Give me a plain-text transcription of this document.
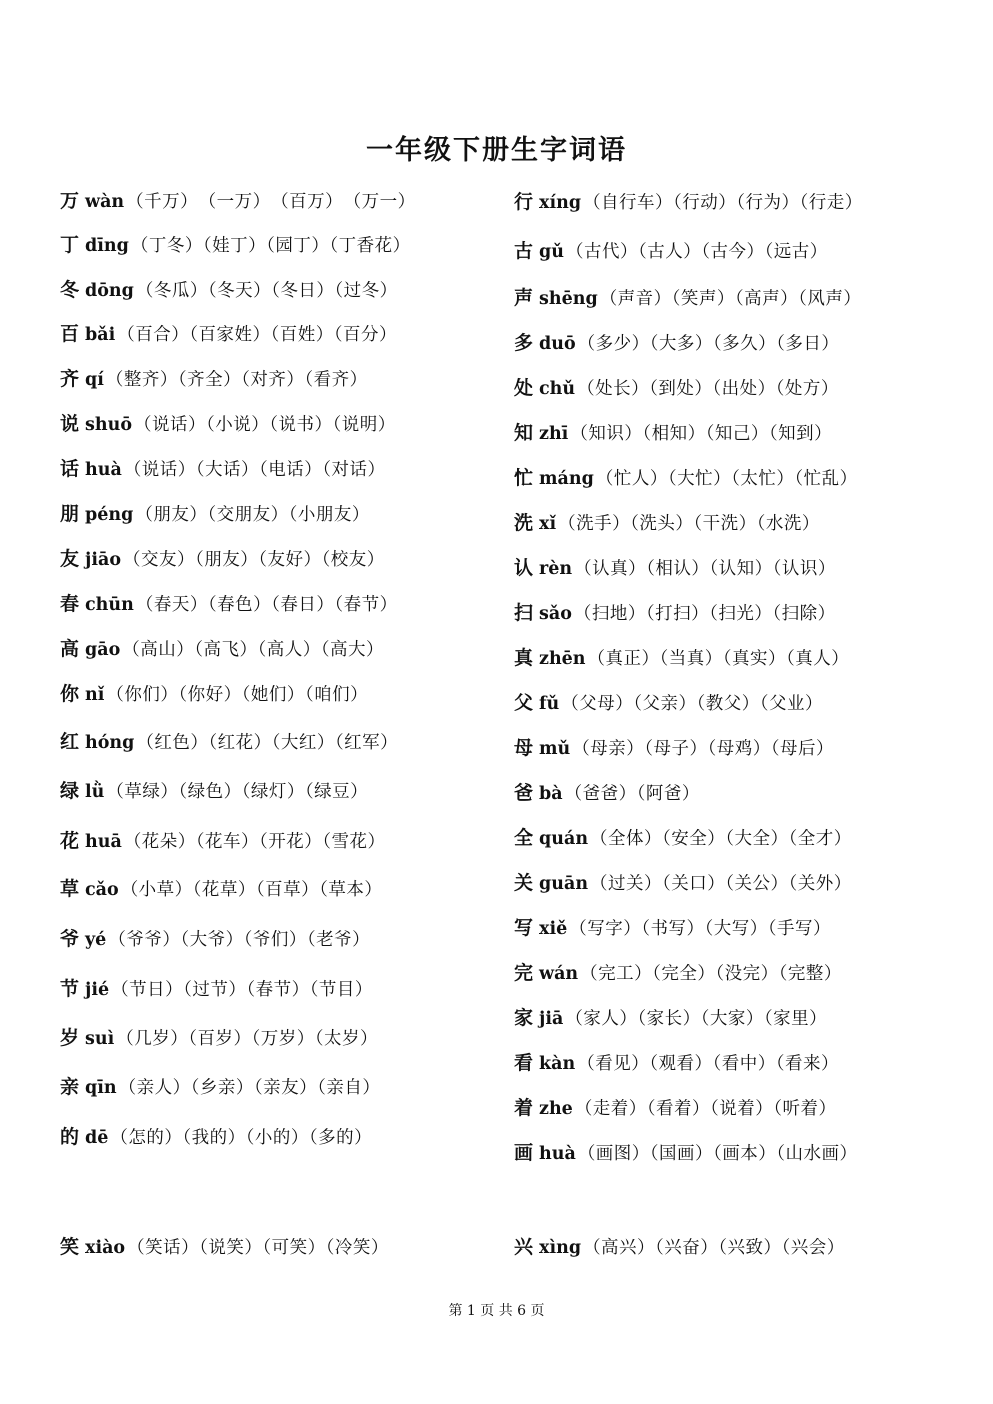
一年级下册生字词语
万 wàn （千万）　（一万）　（百万）　（万一）
丁 dīng （丁冬）（娃丁）（园丁）（丁香花）
冬 dōng （冬瓜）（冬天）（冬日）（过冬）
百 bǎi （百合）（百家姓）（百姓）（百分）
齐 qí （整齐）（齐全）（对齐）（看齐）
说 shuō （说话）（小说）（说书）（说明）
话 huà （说话）（大话）（电话）（对话）
朋 péng （朋友）（交朋友）（小朋友）
友 jiāo （交友）（朋友）（友好）（校友）
春 chūn （春天）（春色）（春日）（春节）
高 gāo （高山）（高飞）（高人）（高大）
你 nǐ （你们）（你好）（她们）（咱们）
红 hóng （红色）（红花）（大红）（红军）
绿 lǜ （草绿）（绿色）（绿灯）（绿豆）
花 huā （花朵）（花车）（开花）（雪花）
草 cǎo （小草）（花草）（百草）（草本）
爷 yé （爷爷）（大爷）（爷们）（老爷）
节 jié （节日）（过节）（春节）（节目）
岁 suì （几岁）（百岁）（万岁）（太岁）
亲 qīn （亲人）（乡亲）（亲友）（亲自）
的 dē （怎的）（我的）（小的）（多的）
笑 xiào （笑话）（说笑）（可笑）（冷笑）
行 xíng （自行车）（行动）（行为）（行走）
古 gǔ （古代）（古人）（古今）（远古）
声 shēng （声音）（笑声）（高声）（风声）
多 duō （多少）（大多）（多久）（多日）
处 chǔ （处长）（到处）（出处）（处方）
知 zhī （知识）（相知）（知己）（知到）
忙 máng （忙人）（大忙）（太忙）（忙乱）
洗 xǐ （洗手）（洗头）（干洗）（水洗）
认 rèn （认真）（相认）（认知）（认识）
扫 sǎo （扫地）（打扫）（扫光）（扫除）
真 zhēn （真正）（当真）（真实）（真人）
父 fǔ （父母）（父亲）（教父）（父业）
母 mǔ （母亲）（母子）（母鸡）（母后）
爸 bà （爸爸）（阿爸）
全 quán （全体）（安全）（大全）（全才）
关 guān （过关）（关口）（关公）（关外）
写 xiě （写字）（书写）（大写）（手写）
完 wán （完工）（完全）（没完）（完整）
家 jiā （家人）（家长）（大家）（家里）
看 kàn （看见）（观看）（看中）（看来）
着 zhe （走着）（看着）（说着）（听着）
画 huà （画图）（国画）（画本）（山水画）
兴 xìng （高兴）（兴奋）（兴致）（兴会）
第 1 页 共 6 页
